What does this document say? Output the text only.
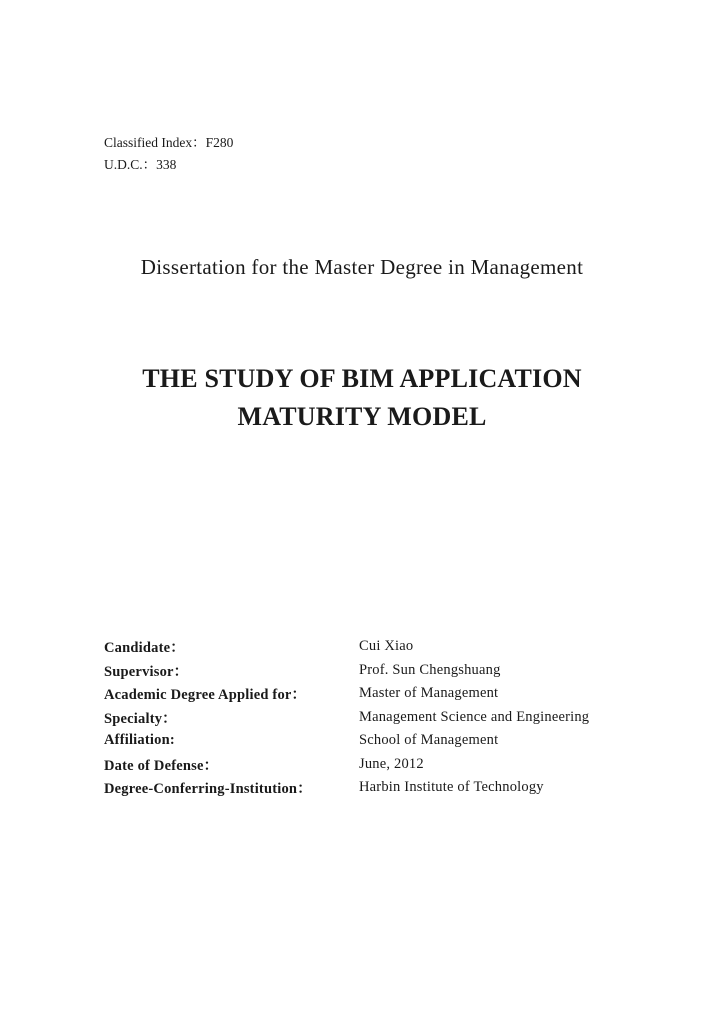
Classified Index：F280
U.D.C.：338
Dissertation for the Master Degree in Management
THE STUDY OF BIM APPLICATION
MATURITY MODEL
Candidate：	Cui Xiao
Supervisor：	Prof. Sun Chengshuang
Academic Degree Applied for：	Master of Management
Specialty：	Management Science and Engineering
Affiliation:	School of Management
Date of Defense：	June, 2012
Degree-Conferring-Institution：	Harbin Institute of Technology
